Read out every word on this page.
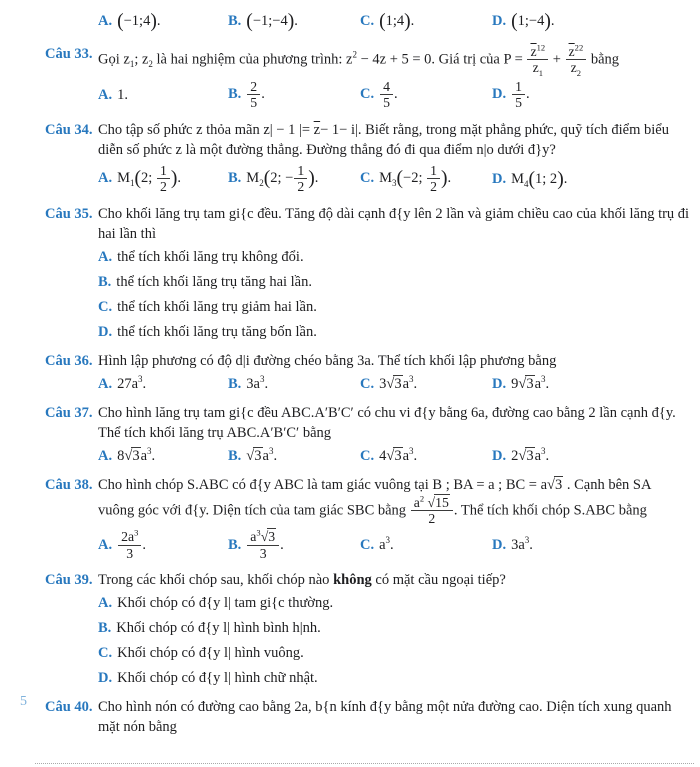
A. (−1;4).	B. (−1;−4).	C. (1;4).	D. (1;−4).
Câu 33. Gọi $z_1$; $z_2$ là hai nghiệm của phương trình: $z^2 - 4z + 5 = 0$. Giá trị của $P = \frac{\overline{z}^{12}}{z_1} + \frac{\overline{z}^{22}}{z_2}$ bằng
A. 1.	B. $\frac{2}{5}$ .	C. $\frac{4}{5}$ .	D. $\frac{1}{5}$ .
Câu 34. Cho tập số phức z thỏa mãn z| − 1 |= $\overline{z}- 1- i|$. Biết rằng, trong mặt phẳng phức, quỹ tích điểm biểu diễn số phức z là một đường thẳng. Đường thẳng đó đi qua điểm n|o dưới đ}y?
A. $M_1(2$; $\frac{1}{2}$ ).	B. $M_2(2$; − $\frac{1}{2}$ ).	C. $M_3(-2$; $\frac{1}{2}$ ).	D. $M_4(1$; 2).
Câu 35. Cho khối lăng trụ tam gi{c đều. Tăng độ dài cạnh đ{y lên 2 lần và giảm chiều cao của khối lăng trụ đi hai lần thì
A. thể tích khối lăng trụ không đổi.
B. thể tích khối lăng trụ tăng hai lần.
C. thể tích khối lăng trụ giảm hai lần.
D. thể tích khối lăng trụ tăng bốn lần.
Câu 36. Hình lập phương có độ d|i đường chéo bằng 3a. Thể tích khối lập phương bằng
A. $27a^3$.	B. $3a^3$.	C. $3√3a^3$.	D. $9√3a^3$.
Câu 37. Cho hình lăng trụ tam gi{c đều ABC.A′B′C′ có chu vi đ{y bằng 6a, đường cao bằng 2 lần cạnh đ{y. Thể tích khối lăng trụ ABC.A′B′C′ bằng
A. $8√3a^3$.	B. $√3a^3$.	C. $4√3a^3$.	D. $2√3a^3$.
Câu 38. Cho hình chóp S.ABC có đ{y ABC là tam giác vuông tại B ; BA = a ; BC = a√3 . Cạnh bên SA vuông góc với đ{y. Diện tích của tam giác SBC bằng $\frac{a^2 √15}{2}$ . Thể tích khối chóp S.ABC bằng
A. $\frac{2a^3}{3}$ .	B. $\frac{a^3√3}{3}$ .	C. $a^3$.	D. $3a^3$.
Câu 39. Trong các khối chóp sau, khối chóp nào không có mặt cầu ngoại tiếp?
A. Khối chóp có đ{y l| tam gi{c thường.
B. Khối chóp có đ{y l| hình bình h|nh.
C. Khối chóp có đ{y l| hình vuông.
D. Khối chóp có đ{y l| hình chữ nhật.
Câu 40. Cho hình nón có đường cao bằng 2a, b{n kính đ{y bằng một nửa đường cao. Diện tích xung quanh mặt nón bằng
5
